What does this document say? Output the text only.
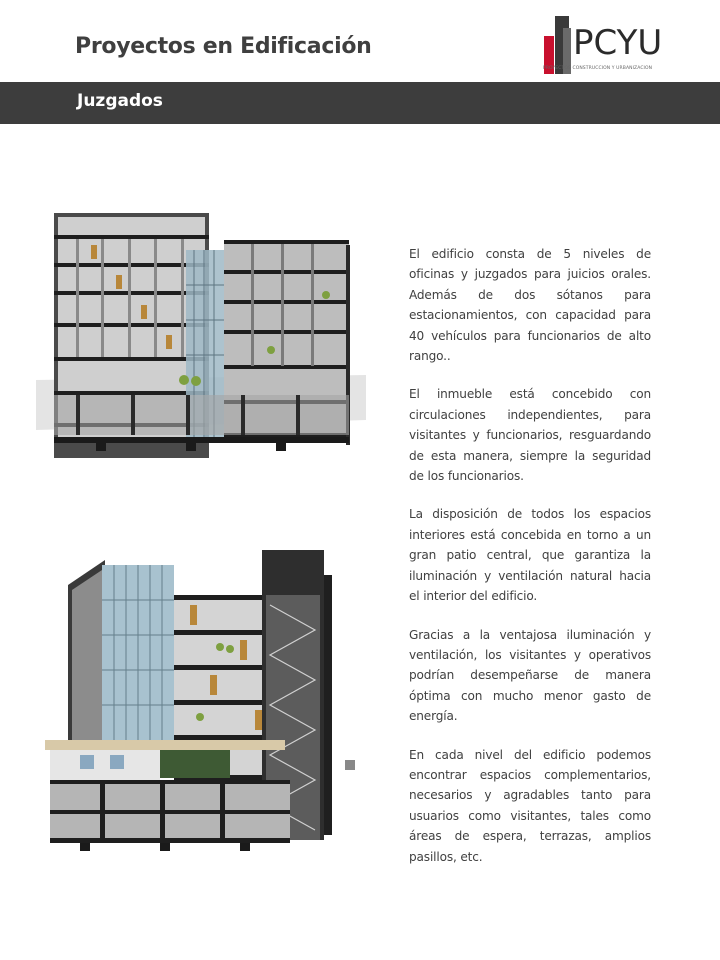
Proyectos en Edificación	PCYU
PROYECTOS CONSTRUCCION Y URBANIZACION
Juzgados

El edificio consta de 5 niveles de oficinas y juzgados para juicios orales. Además de dos sótanos para estacionamientos, con capacidad para 40 vehículos para funcionarios de alto rango..

El inmueble está concebido con circulaciones independientes, para visitantes y funcionarios, resguardando de esta manera, siempre la seguridad de los funcionarios.

La disposición de todos los espacios interiores está concebida en torno a un gran patio central, que garantiza la iluminación y ventilación natural hacia el interior del edificio.

Gracias a la ventajosa iluminación y ventilación, los visitantes y operativos podrían desempeñarse de manera óptima con mucho menor gasto de energía.

En cada nivel del edificio podemos encontrar espacios complementarios, necesarios y agradables tanto para usuarios como visitantes, tales como áreas de espera, terrazas, amplios pasillos, etc.
